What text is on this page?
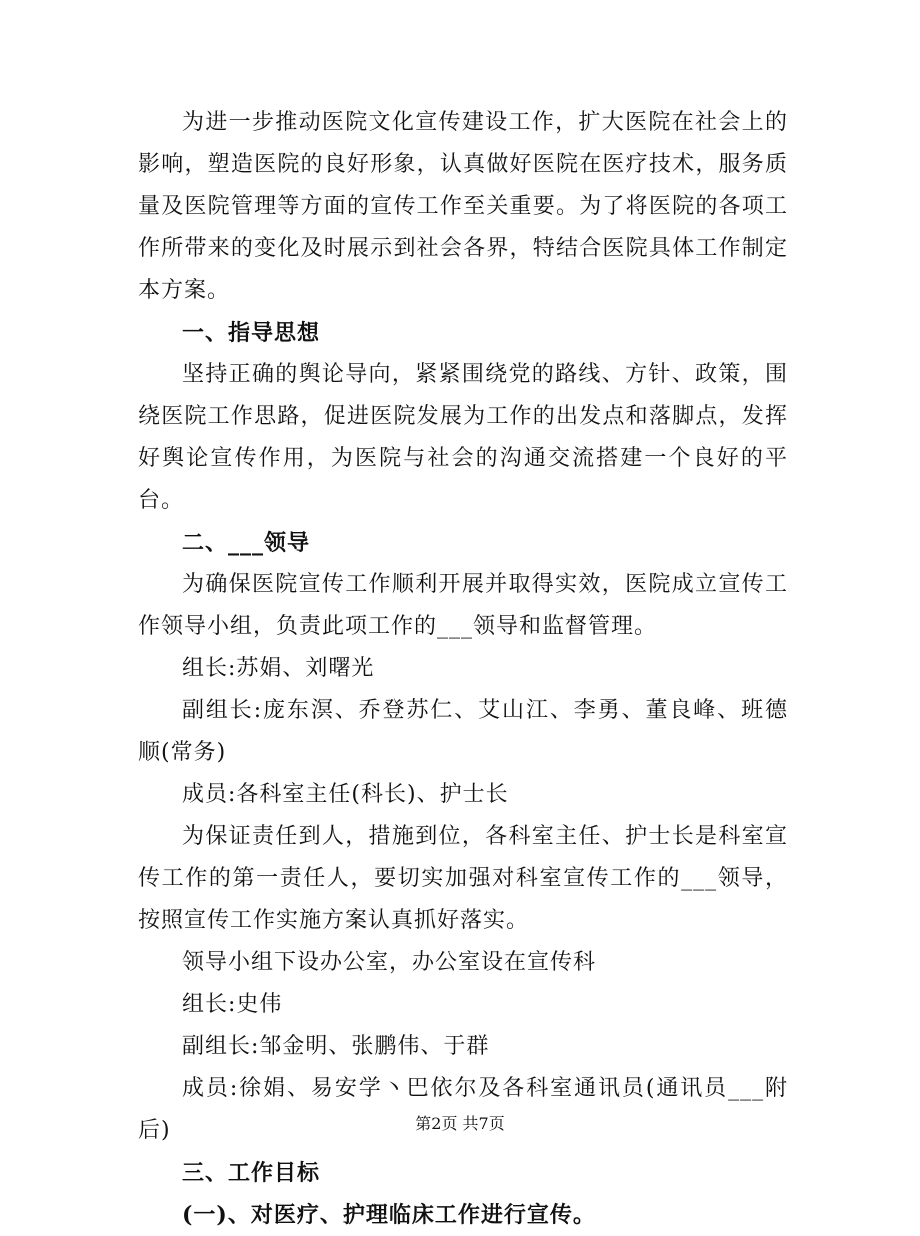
为进一步推动医院文化宣传建设工作，扩大医院在社会上的影响，塑造医院的良好形象，认真做好医院在医疗技术，服务质量及医院管理等方面的宣传工作至关重要。为了将医院的各项工作所带来的变化及时展示到社会各界，特结合医院具体工作制定本方案。

一、指导思想

坚持正确的舆论导向，紧紧围绕党的路线、方针、政策，围绕医院工作思路，促进医院发展为工作的出发点和落脚点，发挥好舆论宣传作用，为医院与社会的沟通交流搭建一个良好的平台。

二、___领导

为确保医院宣传工作顺利开展并取得实效，医院成立宣传工作领导小组，负责此项工作的___领导和监督管理。

组长:苏娟、刘曙光

副组长:庞东溟、乔登苏仁、艾山江、李勇、董良峰、班德顺(常务)

成员:各科室主任(科长)、护士长

为保证责任到人，措施到位，各科室主任、护士长是科室宣传工作的第一责任人，要切实加强对科室宣传工作的___领导，按照宣传工作实施方案认真抓好落实。

领导小组下设办公室，办公室设在宣传科

组长:史伟

副组长:邹金明、张鹏伟、于群

成员:徐娟、易安学丶巴依尔及各科室通讯员(通讯员___附后)

三、工作目标

(一)、对医疗、护理临床工作进行宣传。

第2页 共7页
